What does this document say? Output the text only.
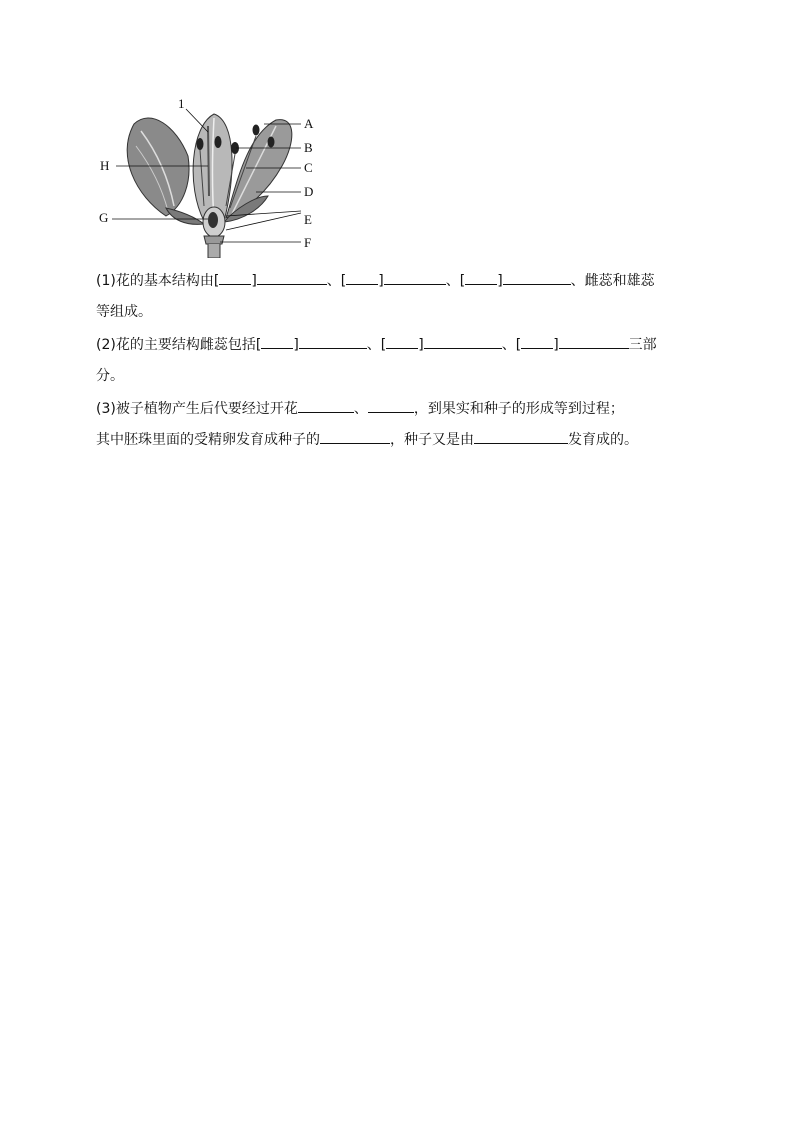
1
A
B
C
D
E
F
G
H
(1)花的基本结构由[ ]	、[ ]	、[ ]	、雌蕊和雄蕊
等组成。
(2)花的主要结构雌蕊包括[ ]	、[ ]	、[ ]	三部
分。
(3)被子植物产生后代要经过开花	、	，到果实和种子的形成等到过程；
其中胚珠里面的受精卵发育成种子的	，种子又是由	发育成的。
